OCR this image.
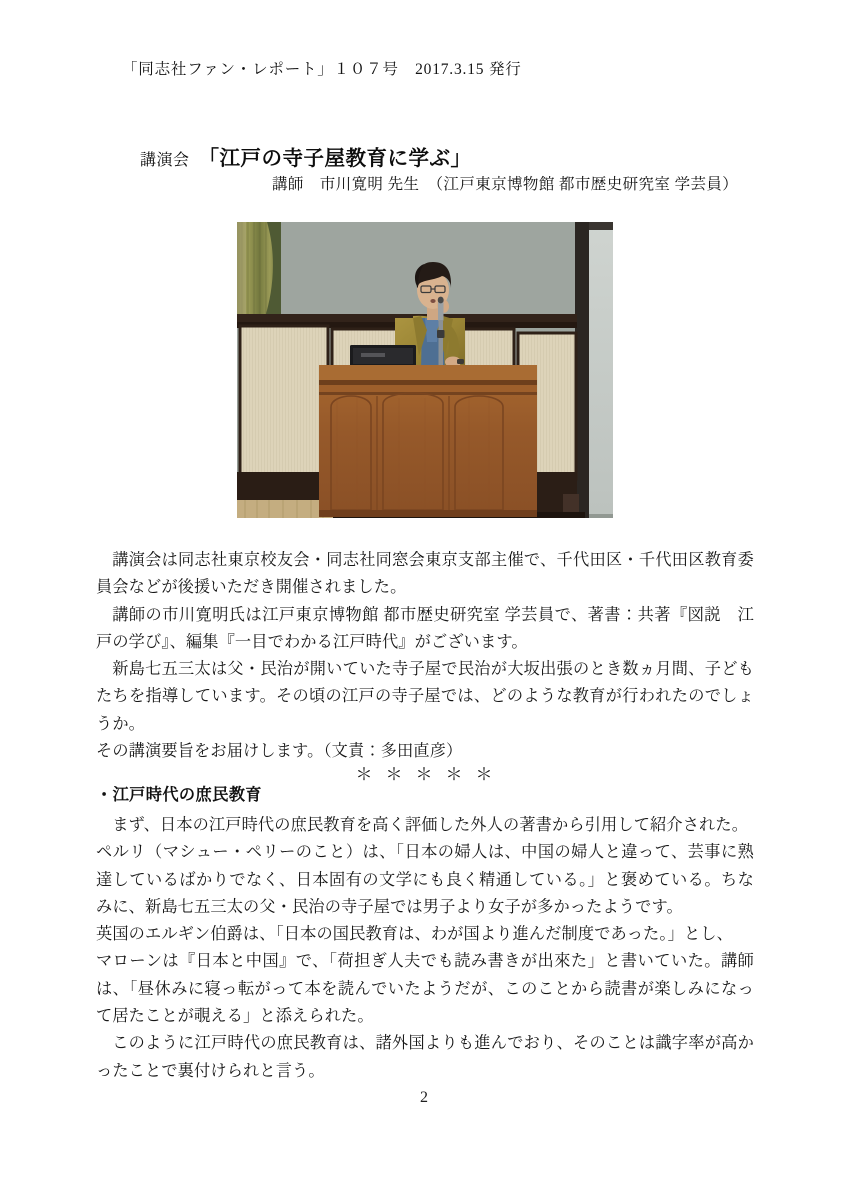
「同志社ファン・レポート」１０７号　2017.3.15 発行
講演会 「江戸の寺子屋教育に学ぶ」
講師　市川寛明 先生　（江戸東京博物館 都市歴史研究室 学芸員）

講演会は同志社東京校友会・同志社同窓会東京支部主催で、千代田区・千代田区教育委員会などが後援いただき開催されました。

講師の市川寛明氏は江戸東京博物館 都市歴史研究室 学芸員で、著書：共著『図説　江戸の学び』、編集『一目でわかる江戸時代』がございます。

新島七五三太は父・民治が開いていた寺子屋で民治が大坂出張のとき数ヵ月間、子どもたちを指導しています。その頃の江戸の寺子屋では、どのような教育が行われたのでしょうか。

その講演要旨をお届けします。（文責：多田直彦）

＊＊＊＊＊
・江戸時代の庶民教育

まず、日本の江戸時代の庶民教育を高く評価した外人の著書から引用して紹介された。

ペルリ（マシュー・ペリーのこと）は、「日本の婦人は、中国の婦人と違って、芸事に熟達しているばかりでなく、日本固有の文学にも良く精通している。」と褒めている。ちなみに、新島七五三太の父・民治の寺子屋では男子より女子が多かったようです。

英国のエルギン伯爵は、「日本の国民教育は、わが国より進んだ制度であった。」とし、

マローンは『日本と中国』で、「荷担ぎ人夫でも読み書きが出來た」と書いていた。講師は、「昼休みに寝っ転がって本を読んでいたようだが、このことから読書が楽しみになって居たことが覗える」と添えられた。

このように江戸時代の庶民教育は、諸外国よりも進んでおり、そのことは識字率が高かったことで裏付けられと言う。

2
